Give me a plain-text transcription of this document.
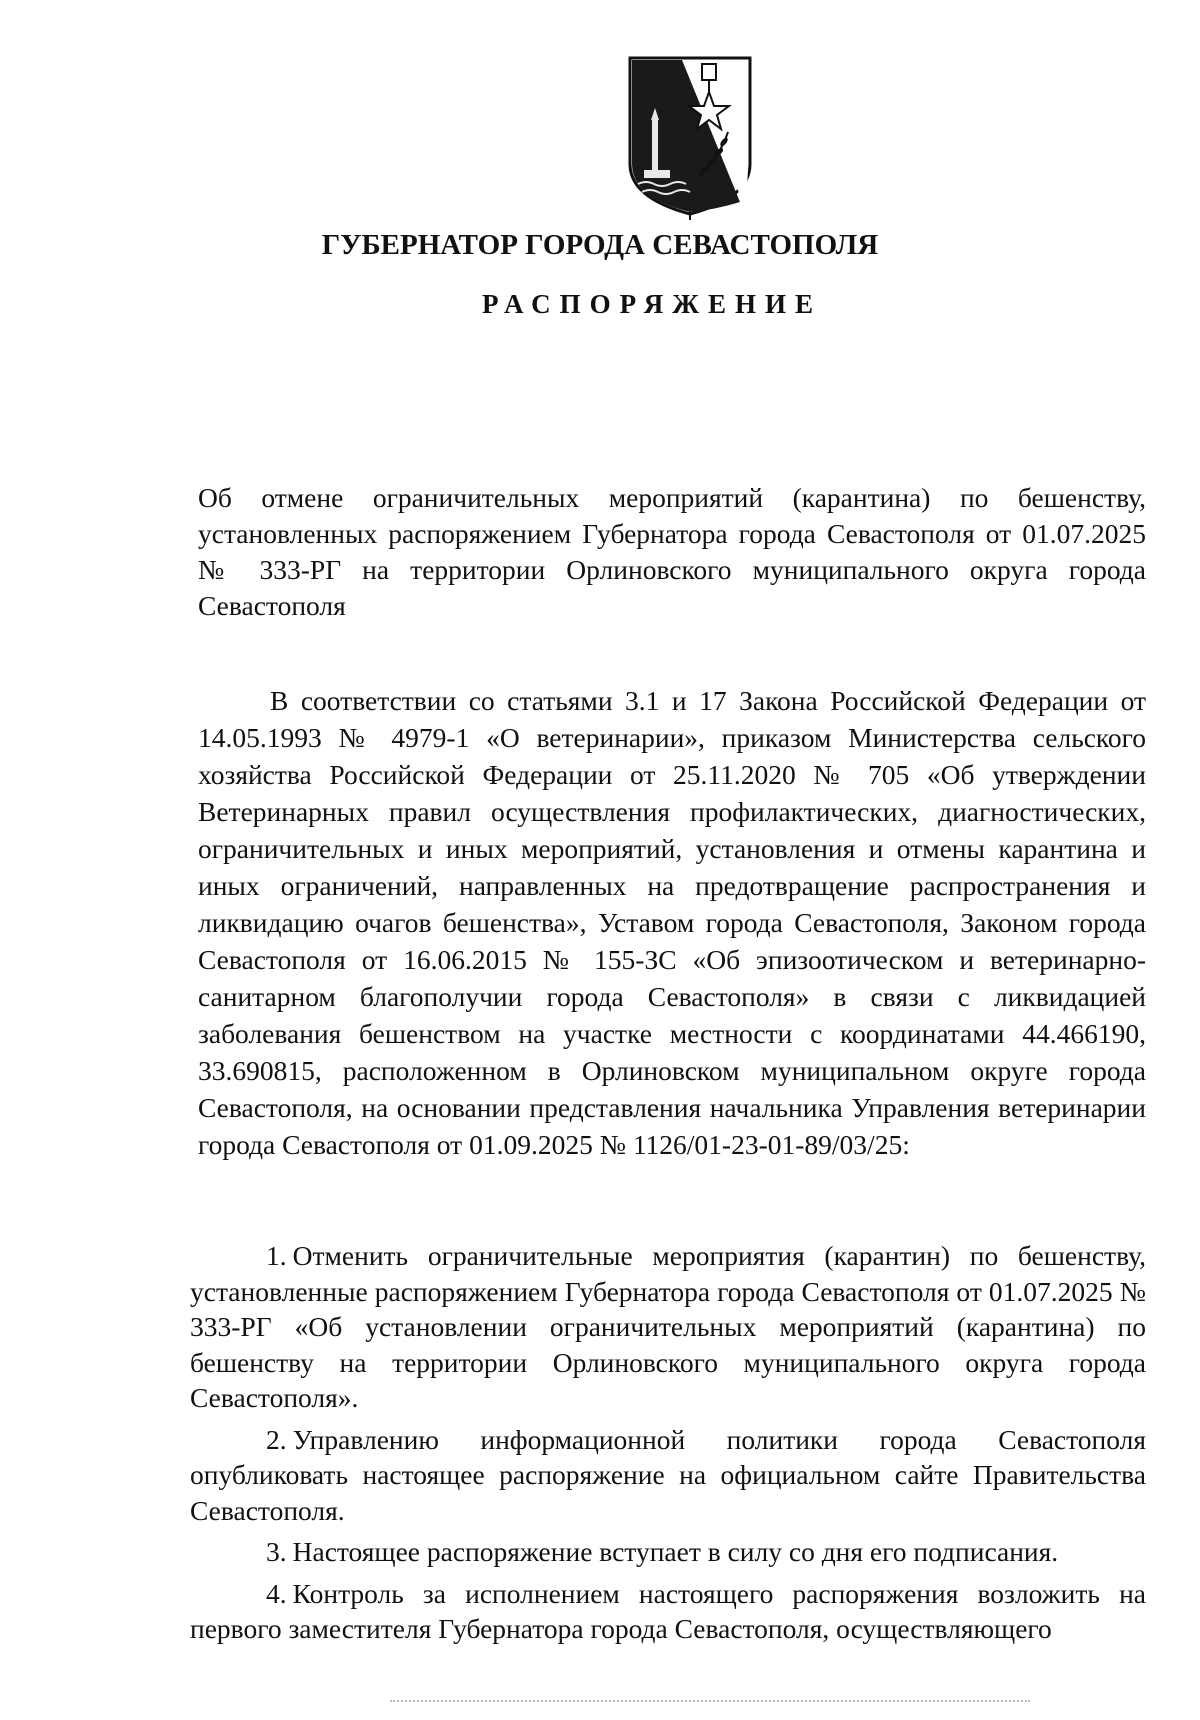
ГУБЕРНАТОР ГОРОДА СЕВАСТОПОЛЯ
РАСПОРЯЖЕНИЕ
Об отмене ограничительных мероприятий (карантина) по бешенству, установленных распоряжением Губернатора города Севастополя от 01.07.2025 № 333-РГ на территории Орлиновского муниципального округа города Севастополя
В соответствии со статьями 3.1 и 17 Закона Российской Федерации от 14.05.1993 № 4979-1 «О ветеринарии», приказом Министерства сельского хозяйства Российской Федерации от 25.11.2020 № 705 «Об утверждении Ветеринарных правил осуществления профилактических, диагностических, ограничительных и иных мероприятий, установления и отмены карантина и иных ограничений, направленных на предотвращение распространения и ликвидацию очагов бешенства», Уставом города Севастополя, Законом города Севастополя от 16.06.2015 № 155-ЗС «Об эпизоотическом и ветеринарно-санитарном благополучии города Севастополя» в связи с ликвидацией заболевания бешенством на участке местности с координатами 44.466190, 33.690815, расположенном в Орлиновском муниципальном округе города Севастополя, на основании представления начальника Управления ветеринарии города Севастополя от 01.09.2025 № 1126/01-23-01-89/03/25:

1. Отменить ограничительные мероприятия (карантин) по бешенству, установленные распоряжением Губернатора города Севастополя от 01.07.2025 № 333-РГ «Об установлении ограничительных мероприятий (карантина) по бешенству на территории Орлиновского муниципального округа города Севастополя».

2. Управлению информационной политики города Севастополя опубликовать настоящее распоряжение на официальном сайте Правительства Севастополя.

3. Настоящее распоряжение вступает в силу со дня его подписания.

4. Контроль за исполнением настоящего распоряжения возложить на первого заместителя Губернатора города Севастополя, осуществляющего
